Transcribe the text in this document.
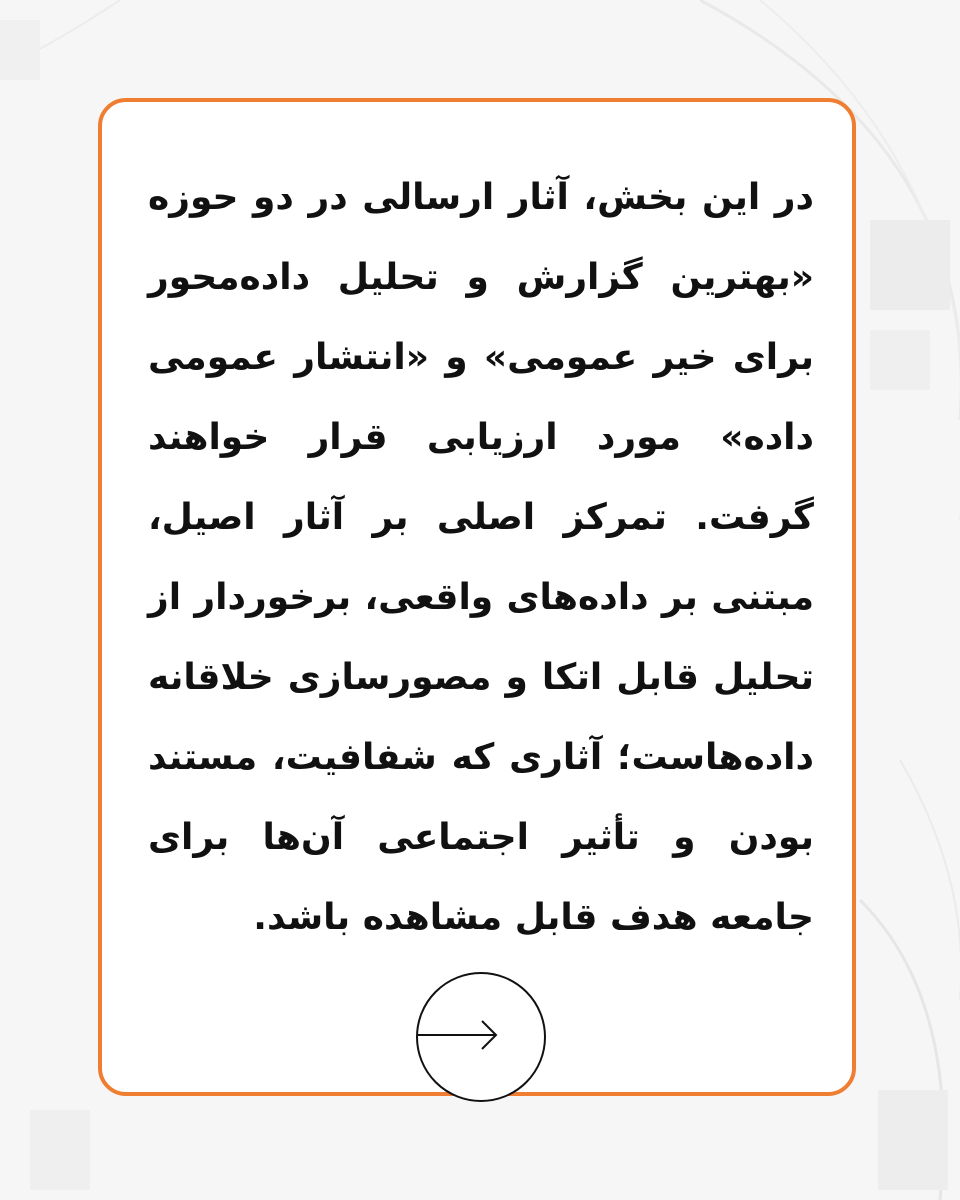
در این بخش، آثار ارسالی در دو حوزه «بهترین گزارش و تحلیل داده‌محور برای خیر عمومی» و «انتشار عمومی داده» مورد ارزیابی قرار خواهند گرفت. تمرکز اصلی بر آثار اصیل، مبتنی بر داده‌های واقعی، برخوردار از تحلیل قابل اتکا و مصورسازی خلاقانه داده‌هاست؛ آثاری که شفافیت، مستند بودن و تأثیر اجتماعی آن‌ها برای جامعه هدف قابل مشاهده باشد.
